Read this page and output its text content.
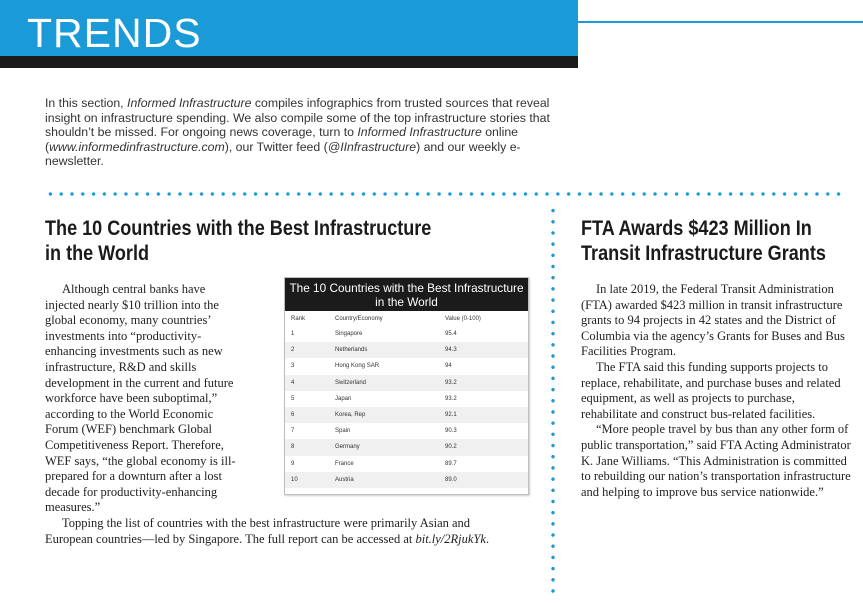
TRENDS
In this section, Informed Infrastructure compiles infographics from trusted sources that reveal insight on infrastructure spending. We also compile some of the top infrastructure stories that shouldn’t be missed. For ongoing news coverage, turn to Informed Infrastructure online (www.informedinfrastructure.com), our Twitter feed (@IInfrastructure) and our weekly e-newsletter.
The 10 Countries with the Best Infrastructure in the World
FTA Awards $423 Million In Transit Infrastructure Grants

Although central banks have injected nearly $10 trillion into the global economy, many countries’ investments into “productivity-enhancing investments such as new infrastructure, R&D and skills development in the current and future workforce have been suboptimal,” according to the World Economic Forum (WEF) benchmark Global Competitiveness Report. Therefore, WEF says, “the global economy is ill-prepared for a downturn after a lost decade for productivity-enhancing measures.”

Topping the list of countries with the best infrastructure were primarily Asian and European countries—led by Singapore. The full report can be accessed at bit.ly/2RjukYk.

The 10 Countries with the Best Infrastructure in the World
Rank	Country/Economy	Value (0-100)
1	Singapore	95.4
2	Netherlands	94.3
3	Hong Kong SAR	94
4	Switzerland	93.2
5	Japan	93.2
6	Korea, Rep	92.1
7	Spain	90.3
8	Germany	90.2
9	France	89.7
10	Austria	89.0

In late 2019, the Federal Transit Administration (FTA) awarded $423 million in transit infrastructure grants to 94 projects in 42 states and the District of Columbia via the agency’s Grants for Buses and Bus Facilities Program.

The FTA said this funding supports projects to replace, rehabilitate, and purchase buses and related equipment, as well as projects to purchase, rehabilitate and construct bus-related facilities.

“More people travel by bus than any other form of public transportation,” said FTA Acting Administrator K. Jane Williams. “This Administration is committed to rebuilding our nation’s transportation infrastructure and helping to improve bus service nationwide.”
